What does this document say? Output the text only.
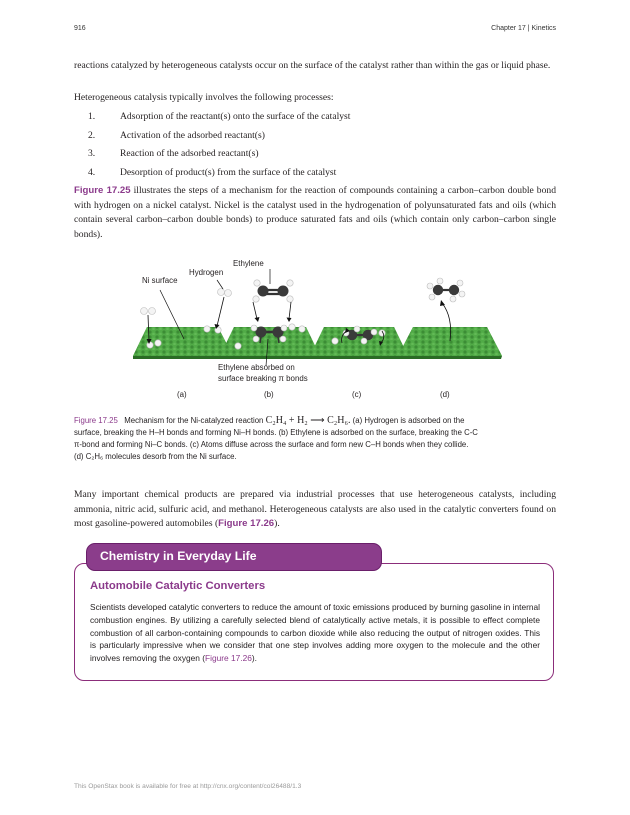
916	Chapter 17 | Kinetics

reactions catalyzed by heterogeneous catalysts occur on the surface of the catalyst rather than within the gas or liquid phase.

Heterogeneous catalysis typically involves the following processes:

1.	Adsorption of the reactant(s) onto the surface of the catalyst
2.	Activation of the adsorbed reactant(s)
3.	Reaction of the adsorbed reactant(s)
4.	Desorption of product(s) from the surface of the catalyst

Figure 17.25 illustrates the steps of a mechanism for the reaction of compounds containing a carbon–carbon double bond with hydrogen on a nickel catalyst. Nickel is the catalyst used in the hydrogenation of polyunsaturated fats and oils (which contain several carbon–carbon double bonds) to produce saturated fats and oils (which contain only carbon–carbon single bonds).

Ethylene
Hydrogen
Ni surface
Ethylene absorbed on
surface breaking π bonds
(a)	(b)	(c)	(d)
Figure 17.25 Mechanism for the Ni-catalyzed reaction C₂H₄ + H₂ ⟶ C₂H₆. (a) Hydrogen is adsorbed on the
surface, breaking the H–H bonds and forming Ni–H bonds. (b) Ethylene is adsorbed on the surface, breaking the C-C
π-bond and forming Ni–C bonds. (c) Atoms diffuse across the surface and form new C–H bonds when they collide.
(d) C₂H₆ molecules desorb from the Ni surface.

Many important chemical products are prepared via industrial processes that use heterogeneous catalysts, including ammonia, nitric acid, sulfuric acid, and methanol. Heterogeneous catalysts are also used in the catalytic converters found on most gasoline-powered automobiles (Figure 17.26).

Chemistry in Everyday Life
Automobile Catalytic Converters

Scientists developed catalytic converters to reduce the amount of toxic emissions produced by burning gasoline in internal combustion engines. By utilizing a carefully selected blend of catalytically active metals, it is possible to effect complete combustion of all carbon-containing compounds to carbon dioxide while also reducing the output of nitrogen oxides. This is particularly impressive when we consider that one step involves adding more oxygen to the molecule and the other involves removing the oxygen (Figure 17.26).

This OpenStax book is available for free at http://cnx.org/content/col26488/1.3
